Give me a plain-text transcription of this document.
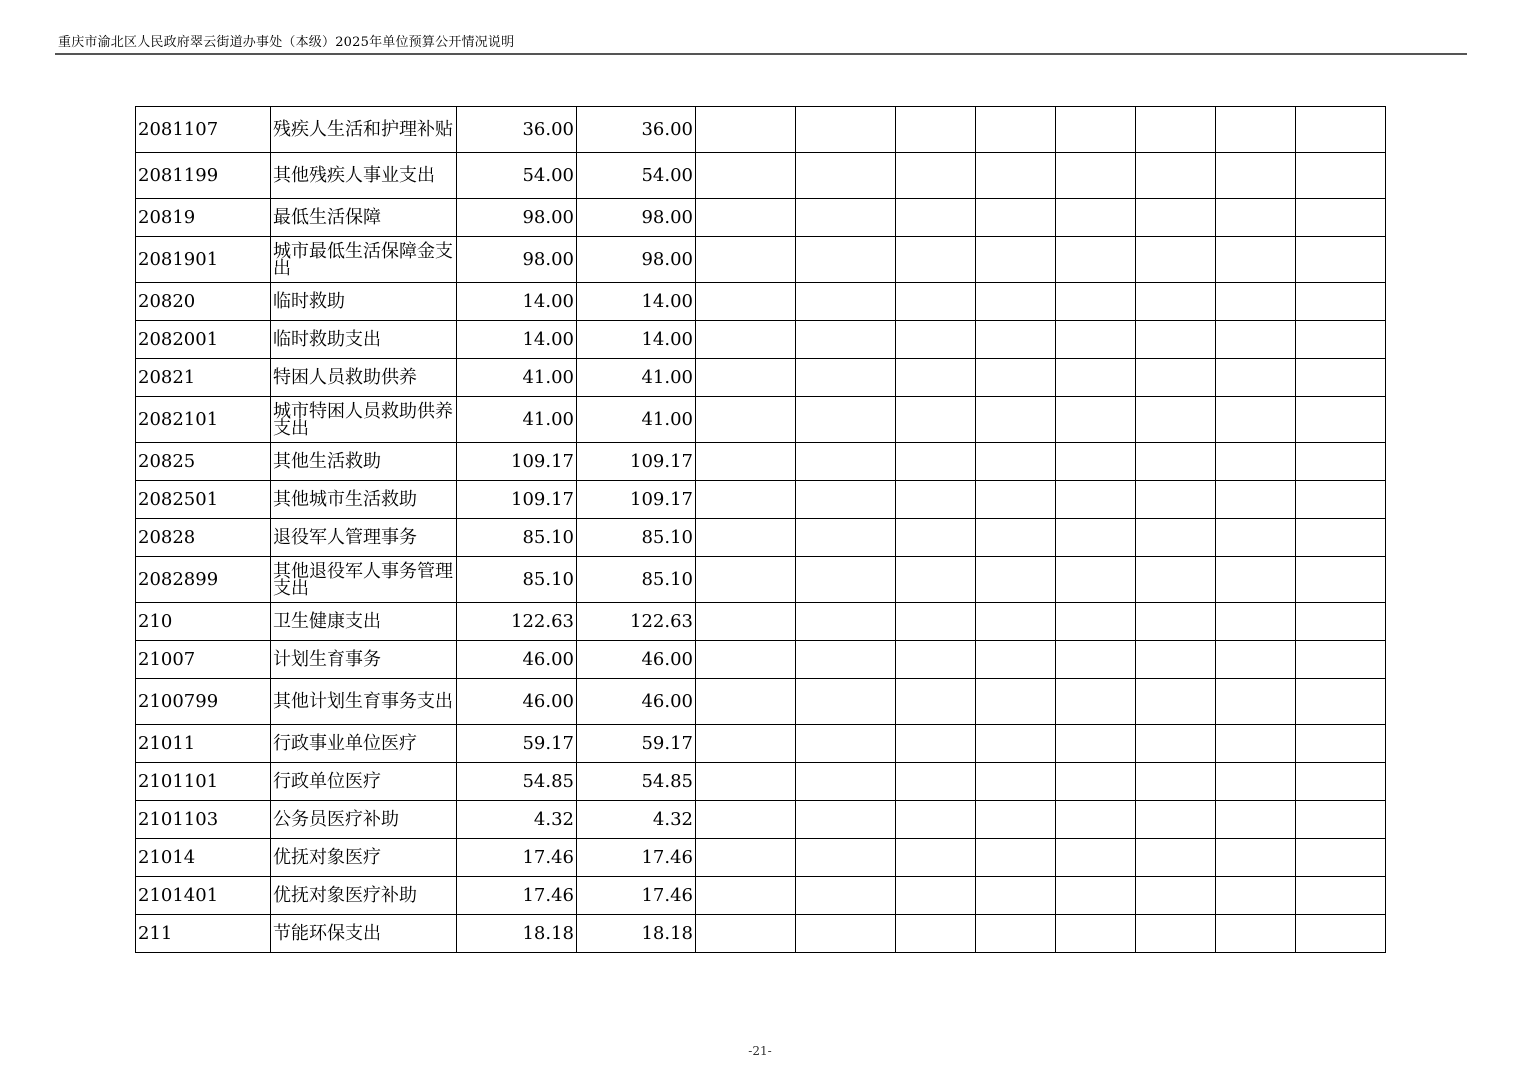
重庆市渝北区人民政府翠云街道办事处（本级）2025年单位预算公开情况说明
2081107	残疾人生活和护理补贴	36.00	36.00								
2081199	其他残疾人事业支出	54.00	54.00								
20819	最低生活保障	98.00	98.00								
2081901	城市最低生活保障金支出	98.00	98.00								
20820	临时救助	14.00	14.00								
2082001	临时救助支出	14.00	14.00								
20821	特困人员救助供养	41.00	41.00								
2082101	城市特困人员救助供养支出	41.00	41.00								
20825	其他生活救助	109.17	109.17								
2082501	其他城市生活救助	109.17	109.17								
20828	退役军人管理事务	85.10	85.10								
2082899	其他退役军人事务管理支出	85.10	85.10								
210	卫生健康支出	122.63	122.63								
21007	计划生育事务	46.00	46.00								
2100799	其他计划生育事务支出	46.00	46.00								
21011	行政事业单位医疗	59.17	59.17								
2101101	行政单位医疗	54.85	54.85								
2101103	公务员医疗补助	4.32	4.32								
21014	优抚对象医疗	17.46	17.46								
2101401	优抚对象医疗补助	17.46	17.46								
211	节能环保支出	18.18	18.18								
-21-
